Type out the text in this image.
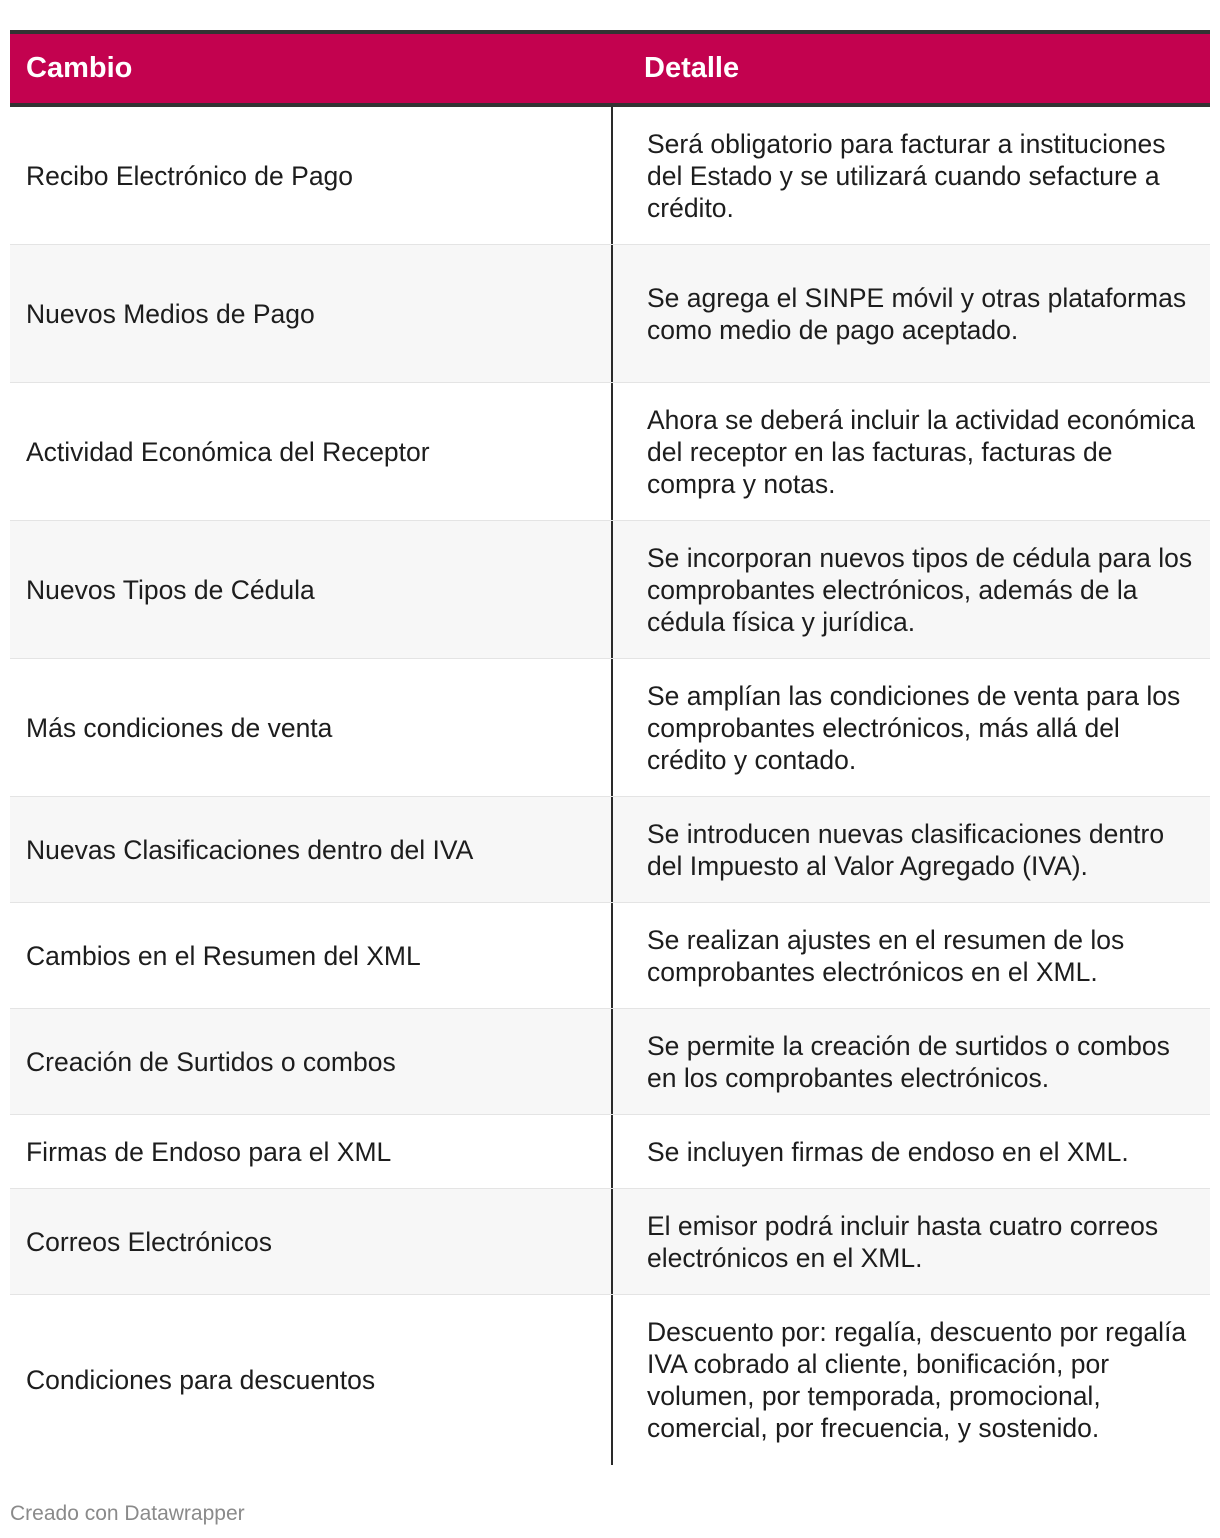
Cambio	Detalle
Recibo Electrónico de Pago
Será obligatorio para facturar a instituciones del Estado y se utilizará cuando sefacture a crédito.
Nuevos Medios de Pago
Se agrega el SINPE móvil y otras plataformas como medio de pago aceptado.
Actividad Económica del Receptor
Ahora se deberá incluir la actividad económica del receptor en las facturas, facturas de compra y notas.
Nuevos Tipos de Cédula
Se incorporan nuevos tipos de cédula para los comprobantes electrónicos, además de la cédula física y jurídica.
Más condiciones de venta
Se amplían las condiciones de venta para los comprobantes electrónicos, más allá del crédito y contado.
Nuevas Clasificaciones dentro del IVA
Se introducen nuevas clasificaciones dentro del Impuesto al Valor Agregado (IVA).
Cambios en el Resumen del XML
Se realizan ajustes en el resumen de los comprobantes electrónicos en el XML.
Creación de Surtidos o combos
Se permite la creación de surtidos o combos en los comprobantes electrónicos.
Firmas de Endoso para el XML	Se incluyen firmas de endoso en el XML.
Correos Electrónicos
El emisor podrá incluir hasta cuatro correos electrónicos en el XML.
Condiciones para descuentos
Descuento por: regalía, descuento por regalía IVA cobrado al cliente, bonificación, por volumen, por temporada, promocional, comercial, por frecuencia, y sostenido.
Creado con Datawrapper
